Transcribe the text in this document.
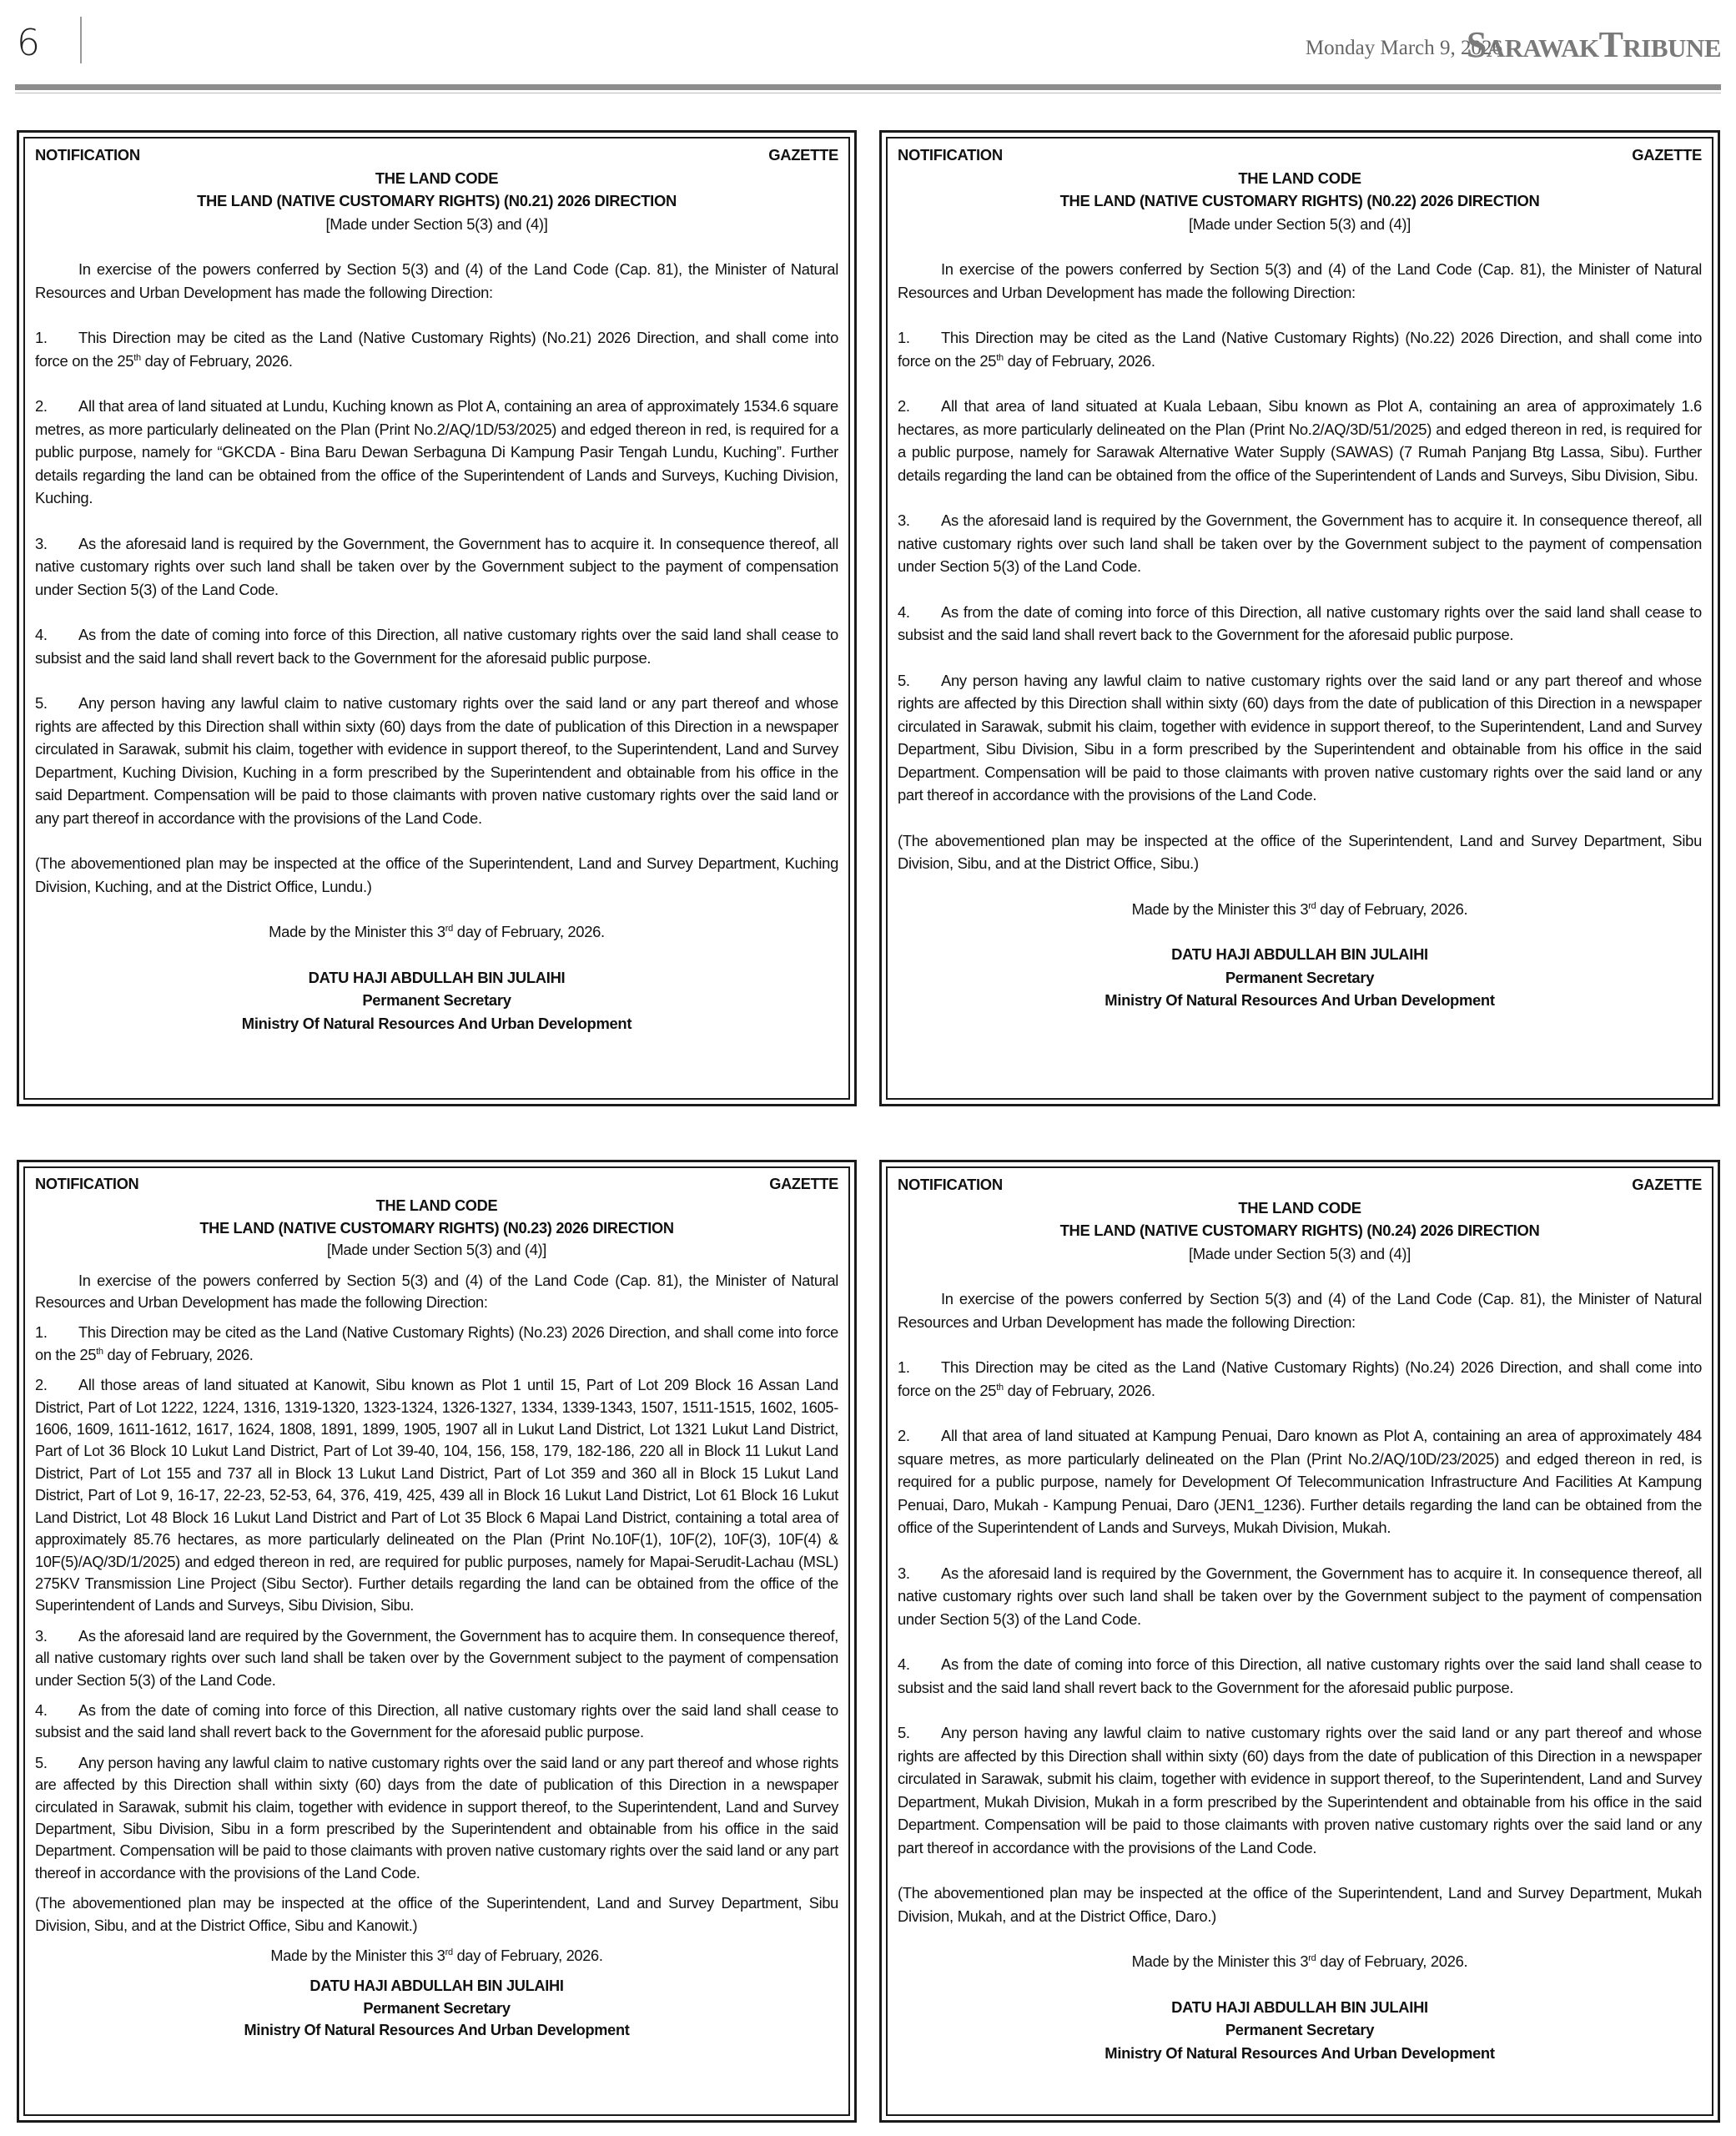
6	Monday March 9, 2026
SarawakTribune
NOTIFICATION	GAZETTE
THE LAND CODE
THE LAND (NATIVE CUSTOMARY RIGHTS) (N0.21) 2026 DIRECTION
[Made under Section 5(3) and (4)]

In exercise of the powers conferred by Section 5(3) and (4) of the Land Code (Cap. 81), the Minister of Natural Resources and Urban Development has made the following Direction:

1. This Direction may be cited as the Land (Native Customary Rights) (No.21) 2026 Direction, and shall come into force on the 25th day of February, 2026.

2. All that area of land situated at Lundu, Kuching known as Plot A, containing an area of approximately 1534.6 square metres, as more particularly delineated on the Plan (Print No.2/AQ/1D/53/2025) and edged thereon in red, is required for a public purpose, namely for “GKCDA - Bina Baru Dewan Serbaguna Di Kampung Pasir Tengah Lundu, Kuching”. Further details regarding the land can be obtained from the office of the Superintendent of Lands and Surveys, Kuching Division, Kuching.

3. As the aforesaid land is required by the Government, the Government has to acquire it. In consequence thereof, all native customary rights over such land shall be taken over by the Government subject to the payment of compensation under Section 5(3) of the Land Code.

4. As from the date of coming into force of this Direction, all native customary rights over the said land shall cease to subsist and the said land shall revert back to the Government for the aforesaid public purpose.

5. Any person having any lawful claim to native customary rights over the said land or any part thereof and whose rights are affected by this Direction shall within sixty (60) days from the date of publication of this Direction in a newspaper circulated in Sarawak, submit his claim, together with evidence in support thereof, to the Superintendent, Land and Survey Department, Kuching Division, Kuching in a form prescribed by the Superintendent and obtainable from his office in the said Department. Compensation will be paid to those claimants with proven native customary rights over the said land or any part thereof in accordance with the provisions of the Land Code.

(The abovementioned plan may be inspected at the office of the Superintendent, Land and Survey Department, Kuching Division, Kuching, and at the District Office, Lundu.)

Made by the Minister this 3rd day of February, 2026.
DATU HAJI ABDULLAH BIN JULAIHI
Permanent Secretary
Ministry Of Natural Resources And Urban Development
NOTIFICATION	GAZETTE
THE LAND CODE
THE LAND (NATIVE CUSTOMARY RIGHTS) (N0.22) 2026 DIRECTION
[Made under Section 5(3) and (4)]

In exercise of the powers conferred by Section 5(3) and (4) of the Land Code (Cap. 81), the Minister of Natural Resources and Urban Development has made the following Direction:

1. This Direction may be cited as the Land (Native Customary Rights) (No.22) 2026 Direction, and shall come into force on the 25th day of February, 2026.

2. All that area of land situated at Kuala Lebaan, Sibu known as Plot A, containing an area of approximately 1.6 hectares, as more particularly delineated on the Plan (Print No.2/AQ/3D/51/2025) and edged thereon in red, is required for a public purpose, namely for Sarawak Alternative Water Supply (SAWAS) (7 Rumah Panjang Btg Lassa, Sibu). Further details regarding the land can be obtained from the office of the Superintendent of Lands and Surveys, Sibu Division, Sibu.

3. As the aforesaid land is required by the Government, the Government has to acquire it. In consequence thereof, all native customary rights over such land shall be taken over by the Government subject to the payment of compensation under Section 5(3) of the Land Code.

4. As from the date of coming into force of this Direction, all native customary rights over the said land shall cease to subsist and the said land shall revert back to the Government for the aforesaid public purpose.

5. Any person having any lawful claim to native customary rights over the said land or any part thereof and whose rights are affected by this Direction shall within sixty (60) days from the date of publication of this Direction in a newspaper circulated in Sarawak, submit his claim, together with evidence in support thereof, to the Superintendent, Land and Survey Department, Sibu Division, Sibu in a form prescribed by the Superintendent and obtainable from his office in the said Department. Compensation will be paid to those claimants with proven native customary rights over the said land or any part thereof in accordance with the provisions of the Land Code.

(The abovementioned plan may be inspected at the office of the Superintendent, Land and Survey Department, Sibu Division, Sibu, and at the District Office, Sibu.)

Made by the Minister this 3rd day of February, 2026.
DATU HAJI ABDULLAH BIN JULAIHI
Permanent Secretary
Ministry Of Natural Resources And Urban Development
NOTIFICATION	GAZETTE
THE LAND CODE
THE LAND (NATIVE CUSTOMARY RIGHTS) (N0.23) 2026 DIRECTION
[Made under Section 5(3) and (4)]

In exercise of the powers conferred by Section 5(3) and (4) of the Land Code (Cap. 81), the Minister of Natural Resources and Urban Development has made the following Direction:

1. This Direction may be cited as the Land (Native Customary Rights) (No.23) 2026 Direction, and shall come into force on the 25th day of February, 2026.

2. All those areas of land situated at Kanowit, Sibu known as Plot 1 until 15, Part of Lot 209 Block 16 Assan Land District, Part of Lot 1222, 1224, 1316, 1319-1320, 1323-1324, 1326-1327, 1334, 1339-1343, 1507, 1511-1515, 1602, 1605-1606, 1609, 1611-1612, 1617, 1624, 1808, 1891, 1899, 1905, 1907 all in Lukut Land District, Lot 1321 Lukut Land District, Part of Lot 36 Block 10 Lukut Land District, Part of Lot 39-40, 104, 156, 158, 179, 182-186, 220 all in Block 11 Lukut Land District, Part of Lot 155 and 737 all in Block 13 Lukut Land District, Part of Lot 359 and 360 all in Block 15 Lukut Land District, Part of Lot 9, 16-17, 22-23, 52-53, 64, 376, 419, 425, 439 all in Block 16 Lukut Land District, Lot 61 Block 16 Lukut Land District, Lot 48 Block 16 Lukut Land District and Part of Lot 35 Block 6 Mapai Land District, containing a total area of approximately 85.76 hectares, as more particularly delineated on the Plan (Print No.10F(1), 10F(2), 10F(3), 10F(4) & 10F(5)/AQ/3D/1/2025) and edged thereon in red, are required for public purposes, namely for Mapai-Serudit-Lachau (MSL) 275KV Transmission Line Project (Sibu Sector). Further details regarding the land can be obtained from the office of the Superintendent of Lands and Surveys, Sibu Division, Sibu.

3. As the aforesaid land are required by the Government, the Government has to acquire them. In consequence thereof, all native customary rights over such land shall be taken over by the Government subject to the payment of compensation under Section 5(3) of the Land Code.

4. As from the date of coming into force of this Direction, all native customary rights over the said land shall cease to subsist and the said land shall revert back to the Government for the aforesaid public purpose.

5. Any person having any lawful claim to native customary rights over the said land or any part thereof and whose rights are affected by this Direction shall within sixty (60) days from the date of publication of this Direction in a newspaper circulated in Sarawak, submit his claim, together with evidence in support thereof, to the Superintendent, Land and Survey Department, Sibu Division, Sibu in a form prescribed by the Superintendent and obtainable from his office in the said Department. Compensation will be paid to those claimants with proven native customary rights over the said land or any part thereof in accordance with the provisions of the Land Code.

(The abovementioned plan may be inspected at the office of the Superintendent, Land and Survey Department, Sibu Division, Sibu, and at the District Office, Sibu and Kanowit.)

Made by the Minister this 3rd day of February, 2026.
DATU HAJI ABDULLAH BIN JULAIHI
Permanent Secretary
Ministry Of Natural Resources And Urban Development
NOTIFICATION	GAZETTE
THE LAND CODE
THE LAND (NATIVE CUSTOMARY RIGHTS) (N0.24) 2026 DIRECTION
[Made under Section 5(3) and (4)]

In exercise of the powers conferred by Section 5(3) and (4) of the Land Code (Cap. 81), the Minister of Natural Resources and Urban Development has made the following Direction:

1. This Direction may be cited as the Land (Native Customary Rights) (No.24) 2026 Direction, and shall come into force on the 25th day of February, 2026.

2. All that area of land situated at Kampung Penuai, Daro known as Plot A, containing an area of approximately 484 square metres, as more particularly delineated on the Plan (Print No.2/AQ/10D/23/2025) and edged thereon in red, is required for a public purpose, namely for Development Of Telecommunication Infrastructure And Facilities At Kampung Penuai, Daro, Mukah - Kampung Penuai, Daro (JEN1_1236). Further details regarding the land can be obtained from the office of the Superintendent of Lands and Surveys, Mukah Division, Mukah.

3. As the aforesaid land is required by the Government, the Government has to acquire it. In consequence thereof, all native customary rights over such land shall be taken over by the Government subject to the payment of compensation under Section 5(3) of the Land Code.

4. As from the date of coming into force of this Direction, all native customary rights over the said land shall cease to subsist and the said land shall revert back to the Government for the aforesaid public purpose.

5. Any person having any lawful claim to native customary rights over the said land or any part thereof and whose rights are affected by this Direction shall within sixty (60) days from the date of publication of this Direction in a newspaper circulated in Sarawak, submit his claim, together with evidence in support thereof, to the Superintendent, Land and Survey Department, Mukah Division, Mukah in a form prescribed by the Superintendent and obtainable from his office in the said Department. Compensation will be paid to those claimants with proven native customary rights over the said land or any part thereof in accordance with the provisions of the Land Code.

(The abovementioned plan may be inspected at the office of the Superintendent, Land and Survey Department, Mukah Division, Mukah, and at the District Office, Daro.)

Made by the Minister this 3rd day of February, 2026.
DATU HAJI ABDULLAH BIN JULAIHI
Permanent Secretary
Ministry Of Natural Resources And Urban Development
